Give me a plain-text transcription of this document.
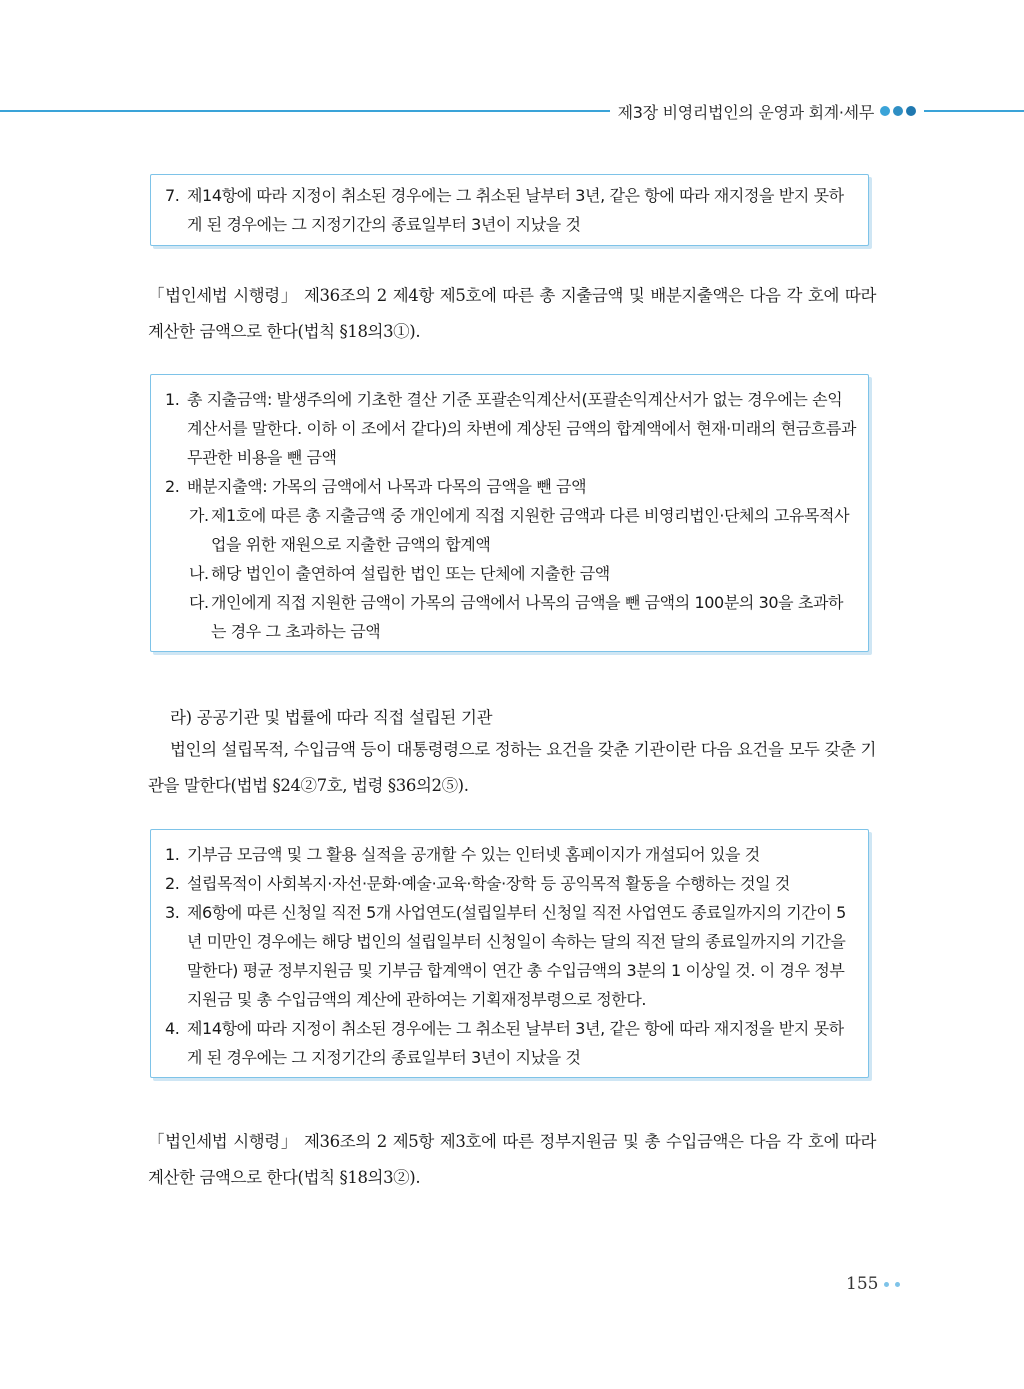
제3장 비영리법인의 운영과 회계·세무
7. 제14항에 따라 지정이 취소된 경우에는 그 취소된 날부터 3년, 같은 항에 따라 재지정을 받지 못하게 된 경우에는 그 지정기간의 종료일부터 3년이 지났을 것
「법인세법 시행령」 제36조의 2 제4항 제5호에 따른 총 지출금액 및 배분지출액은 다음 각 호에 따라 계산한 금액으로 한다(법칙 §18의3①).
1. 총 지출금액: 발생주의에 기초한 결산 기준 포괄손익계산서(포괄손익계산서가 없는 경우에는 손익계산서를 말한다. 이하 이 조에서 같다)의 차변에 계상된 금액의 합계액에서 현재·미래의 현금흐름과 무관한 비용을 뺀 금액
2. 배분지출액: 가목의 금액에서 나목과 다목의 금액을 뺀 금액
가. 제1호에 따른 총 지출금액 중 개인에게 직접 지원한 금액과 다른 비영리법인·단체의 고유목적사업을 위한 재원으로 지출한 금액의 합계액
나. 해당 법인이 출연하여 설립한 법인 또는 단체에 지출한 금액
다. 개인에게 직접 지원한 금액이 가목의 금액에서 나목의 금액을 뺀 금액의 100분의 30을 초과하는 경우 그 초과하는 금액
라) 공공기관 및 법률에 따라 직접 설립된 기관
법인의 설립목적, 수입금액 등이 대통령령으로 정하는 요건을 갖춘 기관이란 다음 요건을 모두 갖춘 기관을 말한다(법법 §24②7호, 법령 §36의2⑤).
1. 기부금 모금액 및 그 활용 실적을 공개할 수 있는 인터넷 홈페이지가 개설되어 있을 것
2. 설립목적이 사회복지·자선·문화·예술·교육·학술·장학 등 공익목적 활동을 수행하는 것일 것
3. 제6항에 따른 신청일 직전 5개 사업연도(설립일부터 신청일 직전 사업연도 종료일까지의 기간이 5년 미만인 경우에는 해당 법인의 설립일부터 신청일이 속하는 달의 직전 달의 종료일까지의 기간을 말한다) 평균 정부지원금 및 기부금 합계액이 연간 총 수입금액의 3분의 1 이상일 것. 이 경우 정부지원금 및 총 수입금액의 계산에 관하여는 기획재정부령으로 정한다.
4. 제14항에 따라 지정이 취소된 경우에는 그 취소된 날부터 3년, 같은 항에 따라 재지정을 받지 못하게 된 경우에는 그 지정기간의 종료일부터 3년이 지났을 것
「법인세법 시행령」 제36조의 2 제5항 제3호에 따른 정부지원금 및 총 수입금액은 다음 각 호에 따라 계산한 금액으로 한다(법칙 §18의3②).
155
